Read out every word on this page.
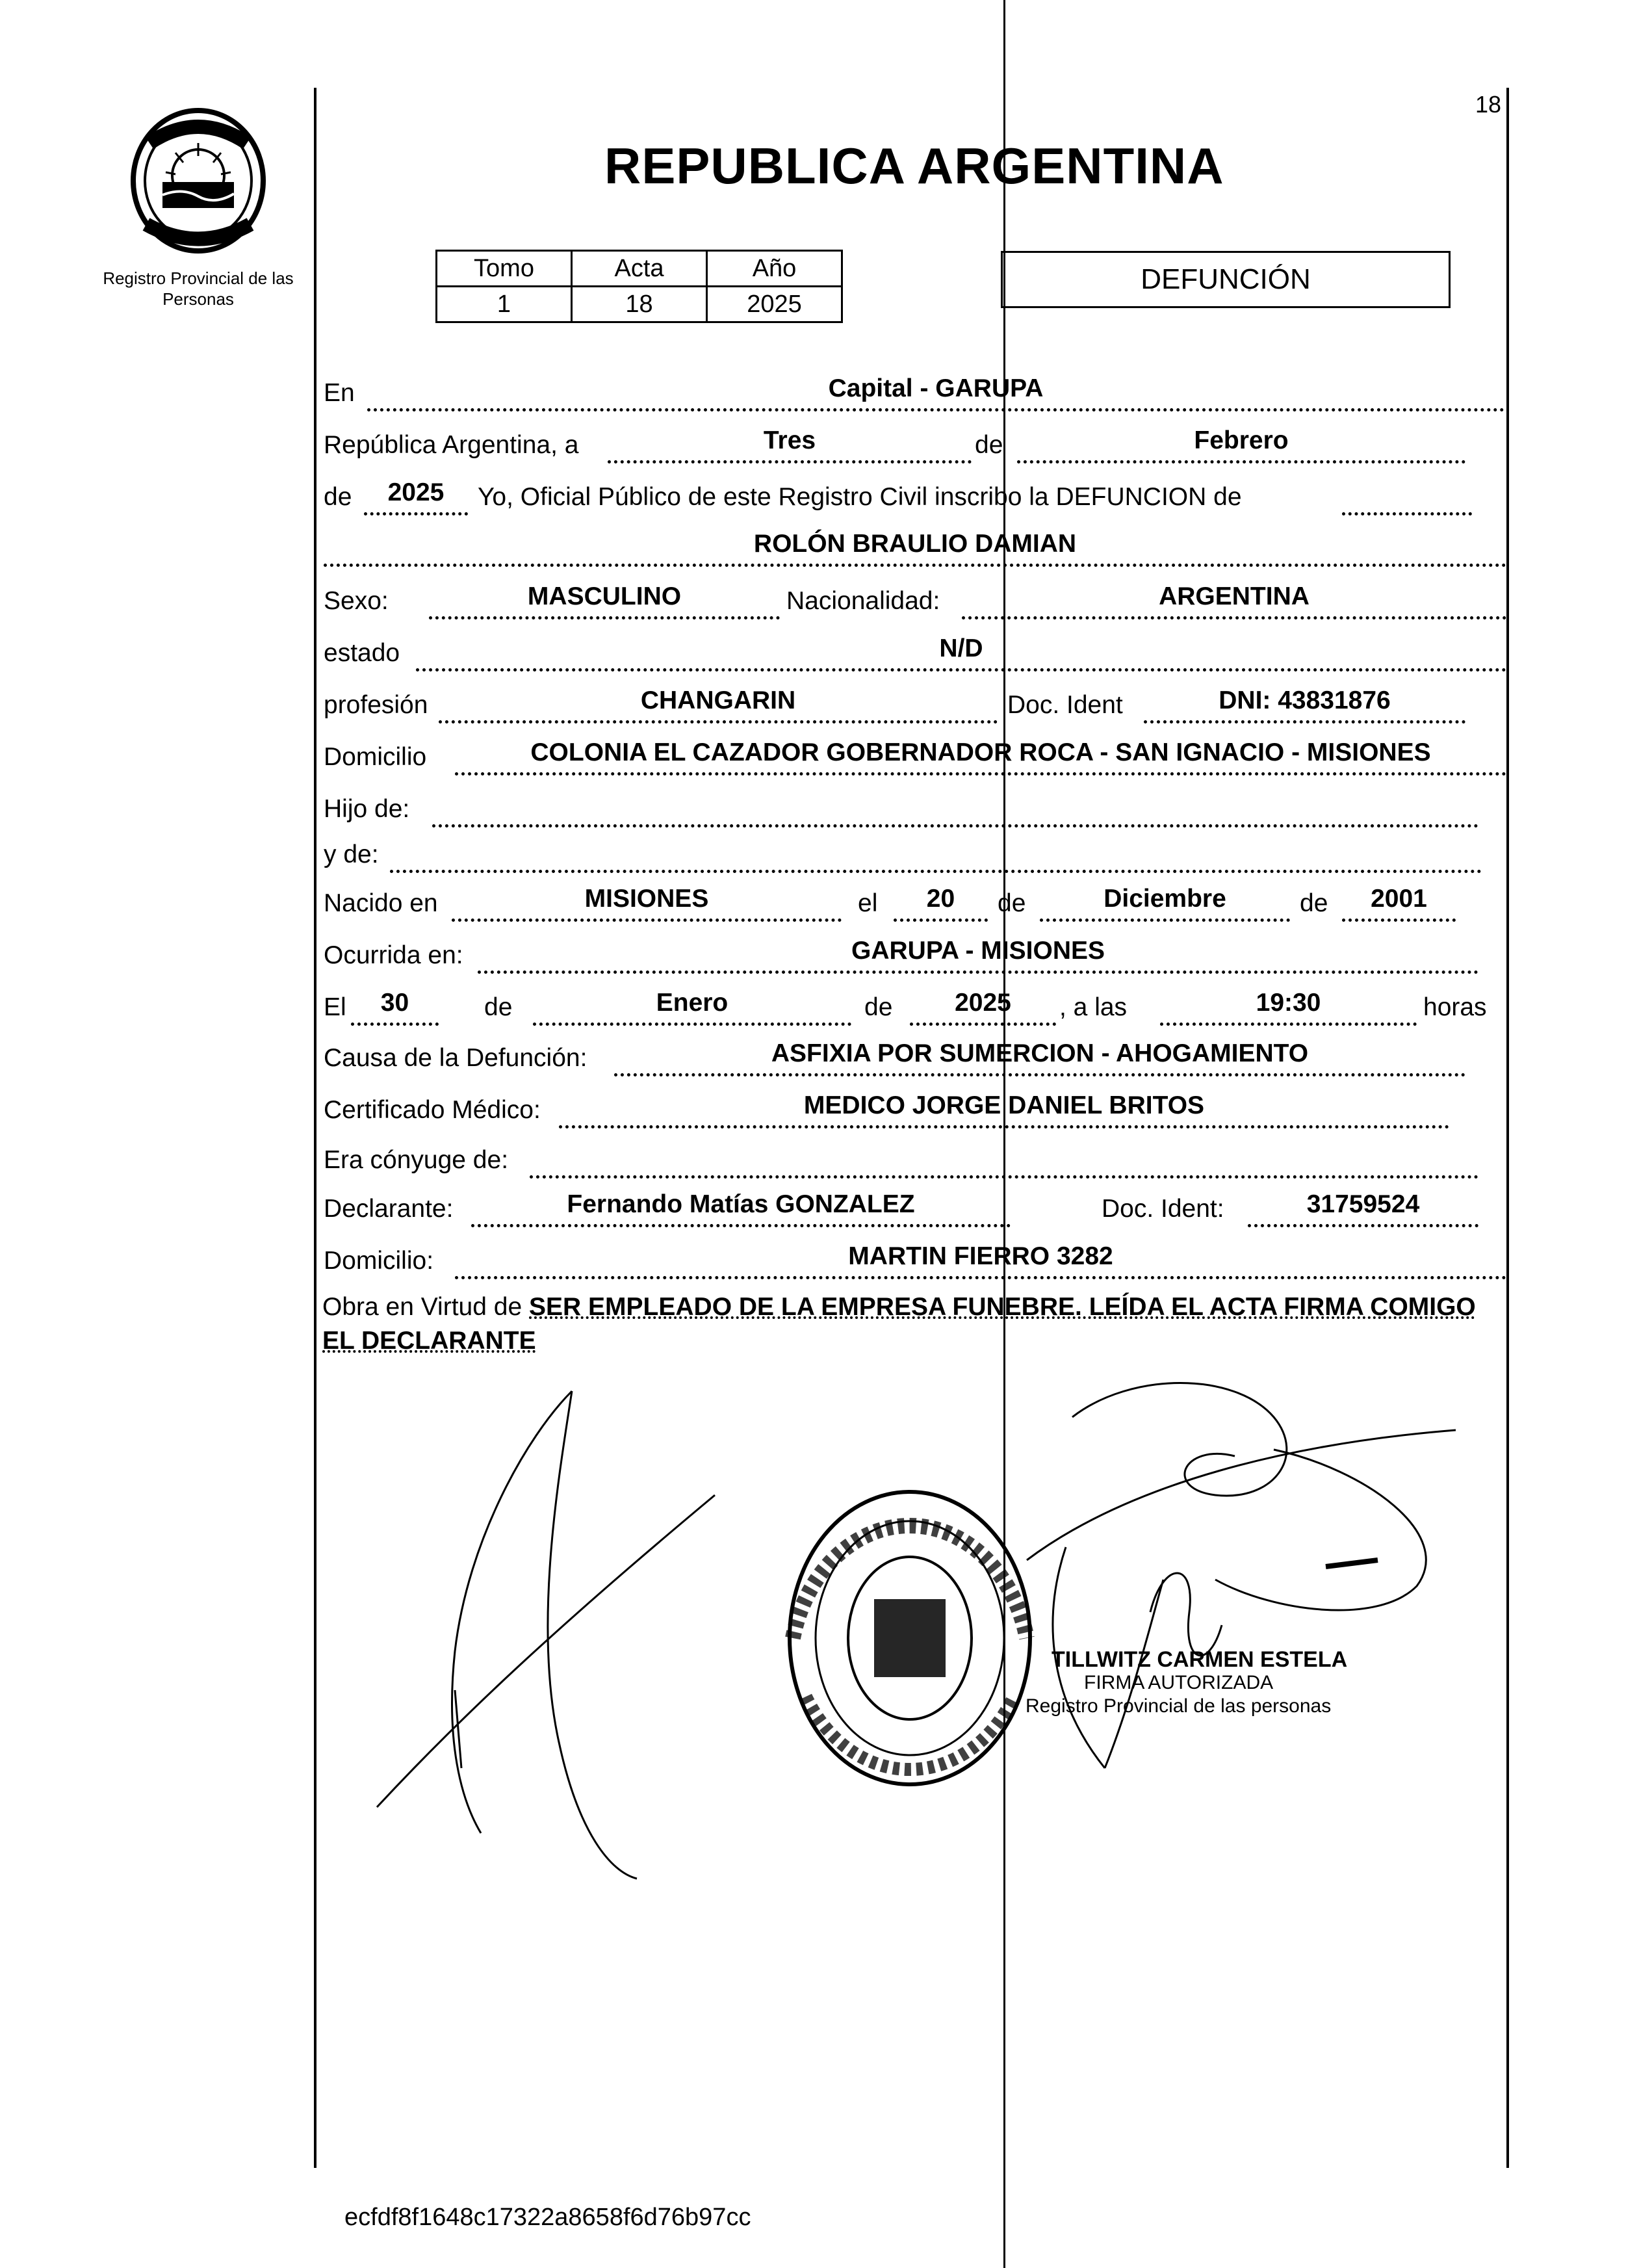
Registro Provincial de las Personas
18
REPUBLICA ARGENTINA
Tomo	Acta	Año
1	18	2025
DEFUNCIÓN
En	Capital - GARUPA
República Argentina, a	Tres	de	Febrero
de	2025	Yo, Oficial Público de este Registro Civil inscribo la DEFUNCION de
ROLÓN BRAULIO DAMIAN
Sexo:	MASCULINO	Nacionalidad:	ARGENTINA
estado	N/D
profesión	CHANGARIN	Doc. Ident	DNI: 43831876
Domicilio	COLONIA EL CAZADOR GOBERNADOR ROCA - SAN IGNACIO - MISIONES
Hijo de:
y de:
Nacido en	MISIONES	el	20	de	Diciembre	de	2001
Ocurrida en:	GARUPA - MISIONES
El	30	de	Enero	de	2025	, a las	19:30	horas
Causa de la Defunción:	ASFIXIA POR SUMERCION - AHOGAMIENTO
Certificado Médico:	MEDICO JORGE DANIEL BRITOS
Era cónyuge de:
Declarante:	Fernando Matías GONZALEZ	Doc. Ident:	31759524
Domicilio:	MARTIN FIERRO 3282
Obra en Virtud de SER EMPLEADO DE LA EMPRESA FUNEBRE. LEÍDA EL ACTA FIRMA COMIGO EL DECLARANTE
TILLWITZ CARMEN ESTELA
FIRMA AUTORIZADA
Registro Provincial de las personas
ecfdf8f1648c17322a8658f6d76b97cc
